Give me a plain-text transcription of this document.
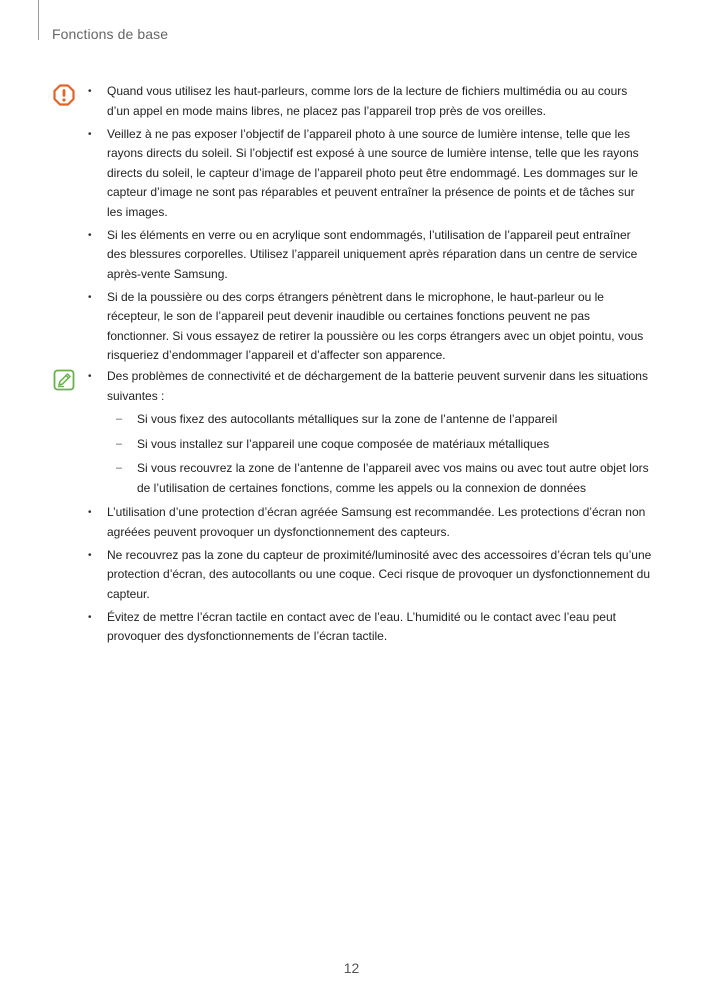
Fonctions de base
• Quand vous utilisez les haut-parleurs, comme lors de la lecture de fichiers multimédia ou au cours d’un appel en mode mains libres, ne placez pas l’appareil trop près de vos oreilles.
• Veillez à ne pas exposer l’objectif de l’appareil photo à une source de lumière intense, telle que les rayons directs du soleil. Si l’objectif est exposé à une source de lumière intense, telle que les rayons directs du soleil, le capteur d’image de l’appareil photo peut être endommagé. Les dommages sur le capteur d’image ne sont pas réparables et peuvent entraîner la présence de points et de tâches sur les images.
• Si les éléments en verre ou en acrylique sont endommagés, l’utilisation de l’appareil peut entraîner des blessures corporelles. Utilisez l’appareil uniquement après réparation dans un centre de service après-vente Samsung.
• Si de la poussière ou des corps étrangers pénètrent dans le microphone, le haut-parleur ou le récepteur, le son de l’appareil peut devenir inaudible ou certaines fonctions peuvent ne pas fonctionner. Si vous essayez de retirer la poussière ou les corps étrangers avec un objet pointu, vous risqueriez d’endommager l’appareil et d’affecter son apparence.
• Des problèmes de connectivité et de déchargement de la batterie peuvent survenir dans les situations suivantes :
– Si vous fixez des autocollants métalliques sur la zone de l’antenne de l’appareil
– Si vous installez sur l’appareil une coque composée de matériaux métalliques
– Si vous recouvrez la zone de l’antenne de l’appareil avec vos mains ou avec tout autre objet lors de l’utilisation de certaines fonctions, comme les appels ou la connexion de données
• L’utilisation d’une protection d’écran agréée Samsung est recommandée. Les protections d’écran non agréées peuvent provoquer un dysfonctionnement des capteurs.
• Ne recouvrez pas la zone du capteur de proximité/luminosité avec des accessoires d’écran tels qu’une protection d’écran, des autocollants ou une coque. Ceci risque de provoquer un dysfonctionnement du capteur.
• Évitez de mettre l’écran tactile en contact avec de l’eau. L’humidité ou le contact avec l’eau peut provoquer des dysfonctionnements de l’écran tactile.
12
